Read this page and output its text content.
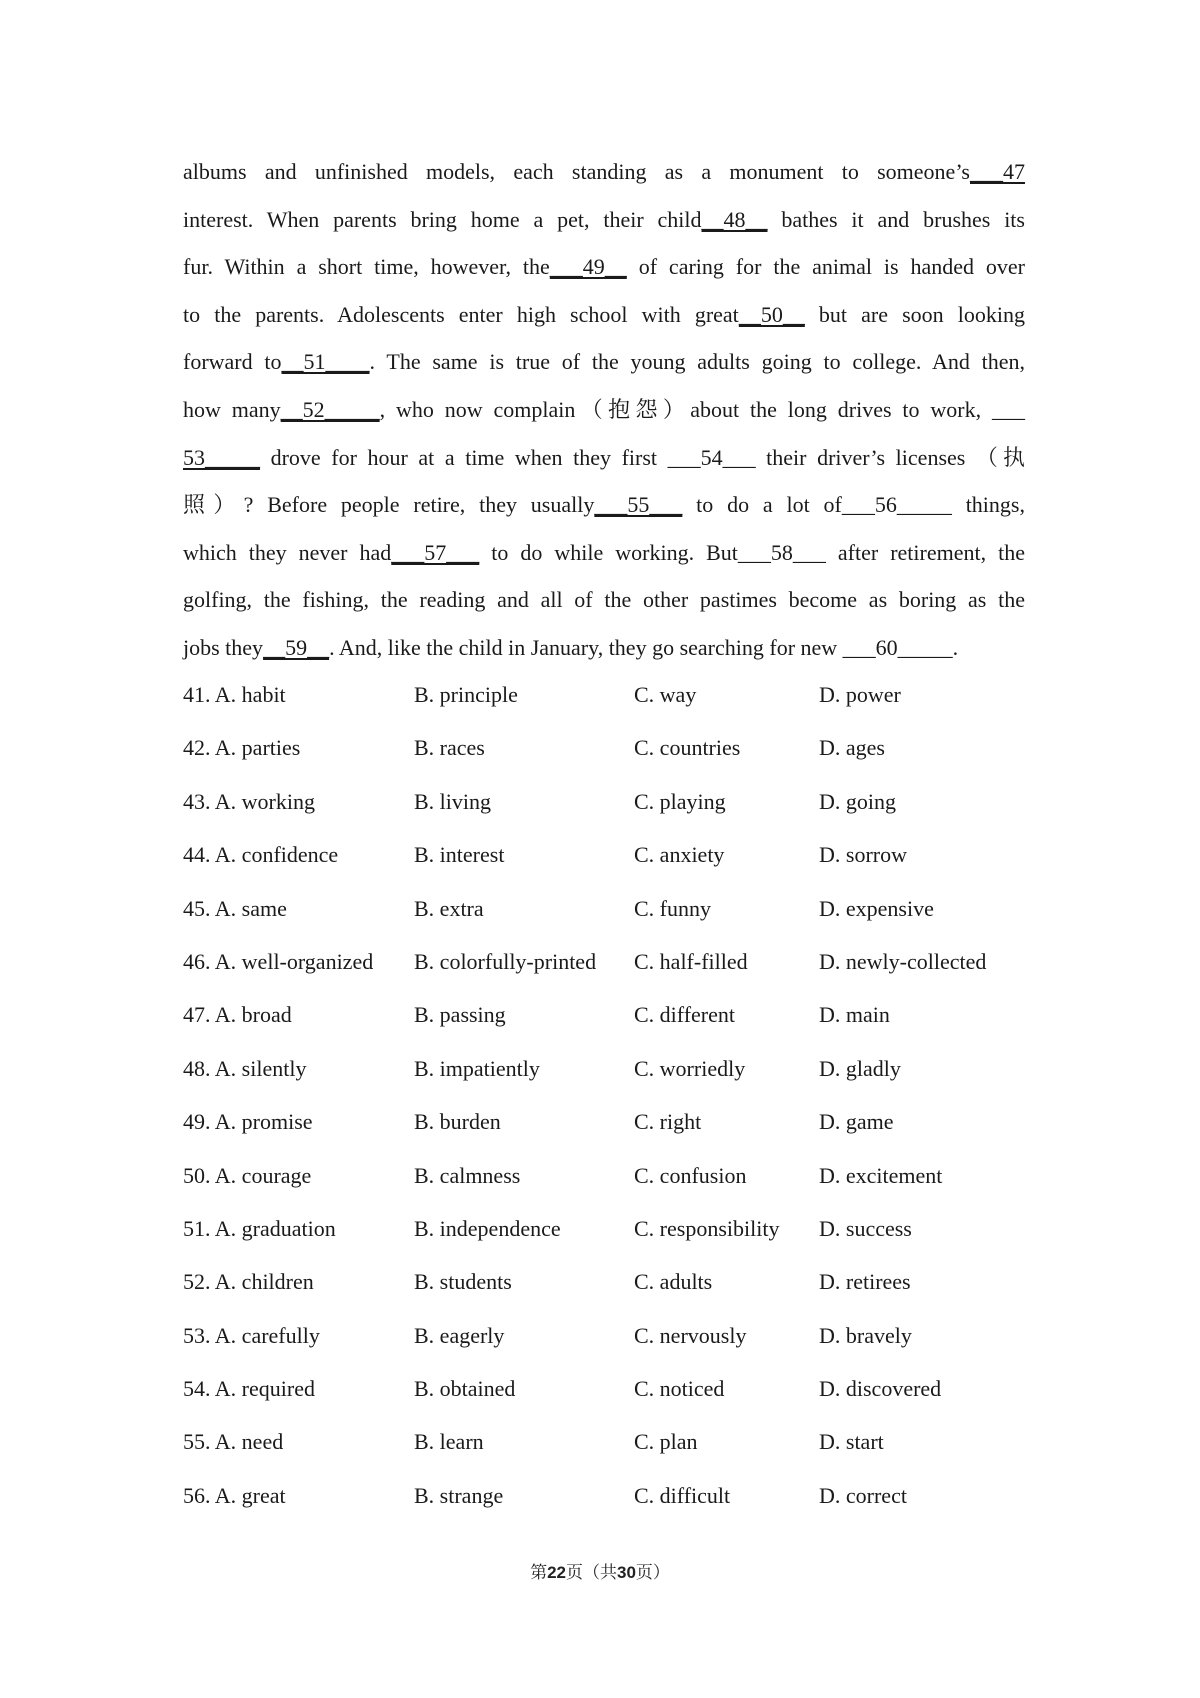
albums and unfinished models, each standing as a monument to someone’s___47
interest. When parents bring home a pet, their child__48__ bathes it and brushes its
fur. Within a short time, however, the___49__ of caring for the animal is handed over
to the parents. Adolescents enter high school with great__50__ but are soon looking
forward to__51____. The same is true of the young adults going to college. And then,
how many__52_____, who now complain（抱怨）about the long drives to work, ___
53_____ drove for hour at a time when they first ___54___ their driver’s licenses （执
照）? Before people retire, they usually___55___ to do a lot of___56_____ things,
which they never had___57___ to do while working. But___58___ after retirement, the
golfing, the fishing, the reading and all of the other pastimes become as boring as the
jobs they__59__. And, like the child in January, they go searching for new ___60_____.
41. A. habit	B. principle	C. way	D. power
42. A. parties	B. races	C. countries	D. ages
43. A. working	B. living	C. playing	D. going
44. A. confidence	B. interest	C. anxiety	D. sorrow
45. A. same	B. extra	C. funny	D. expensive
46. A. well-organized B. colorfully-printed C. half-filled	D. newly-collected
47. A. broad	B. passing	C. different	D. main
48. A. silently	B. impatiently	C. worriedly	D. gladly
49. A. promise	B. burden	C. right	D. game
50. A. courage	B. calmness	C. confusion	D. excitement
51. A. graduation	B. independence	C. responsibility D. success
52. A. children	B. students	C. adults	D. retirees
53. A. carefully	B. eagerly	C. nervously	D. bravely
54. A. required	B. obtained	C. noticed	D. discovered
55. A. need	B. learn	C. plan	D. start
56. A. great	B. strange	C. difficult	D. correct
第22页（共30页）
